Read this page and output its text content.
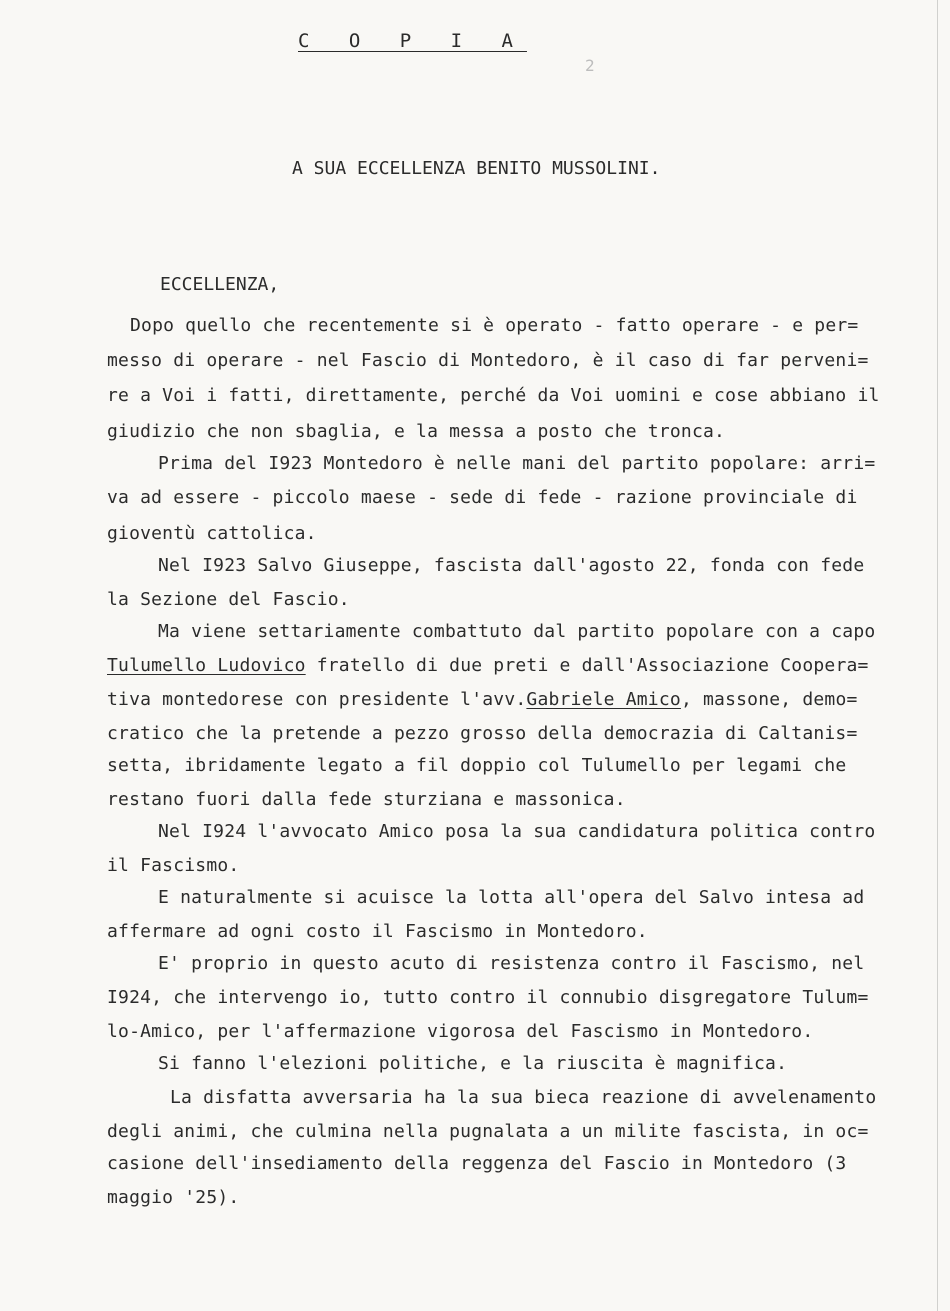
C O P I A
2
A SUA ECCELLENZA BENITO MUSSOLINI.
ECCELLENZA,
Dopo quello che recentemente si è operato - fatto operare - e per=
messo di operare - nel Fascio di Montedoro, è il caso di far perveni=
re a Voi i fatti, direttamente, perché da Voi uomini e cose abbiano il
giudizio che non sbaglia, e la messa a posto che tronca.
Prima del I923 Montedoro è nelle mani del partito popolare: arri=
va ad essere - piccolo maese - sede di fede - razione provinciale di
gioventù cattolica.
Nel I923 Salvo Giuseppe, fascista dall'agosto 22, fonda con fede
la Sezione del Fascio.
Ma viene settariamente combattuto dal partito popolare con a capo
Tulumello Ludovico fratello di due preti e dall'Associazione Coopera=
tiva montedorese con presidente l'avv.Gabriele Amico, massone, demo=
cratico che la pretende a pezzo grosso della democrazia di Caltanis=
setta, ibridamente legato a fil doppio col Tulumello per legami che
restano fuori dalla fede sturziana e massonica.
Nel I924 l'avvocato Amico posa la sua candidatura politica contro
il Fascismo.
E naturalmente si acuisce la lotta all'opera del Salvo intesa ad
affermare ad ogni costo il Fascismo in Montedoro.
E' proprio in questo acuto di resistenza contro il Fascismo, nel
I924, che intervengo io, tutto contro il connubio disgregatore Tulum=
lo-Amico, per l'affermazione vigorosa del Fascismo in Montedoro.
Si fanno l'elezioni politiche, e la riuscita è magnifica.
La disfatta avversaria ha la sua bieca reazione di avvelenamento
degli animi, che culmina nella pugnalata a un milite fascista, in oc=
casione dell'insediamento della reggenza del Fascio in Montedoro (3
maggio '25).
